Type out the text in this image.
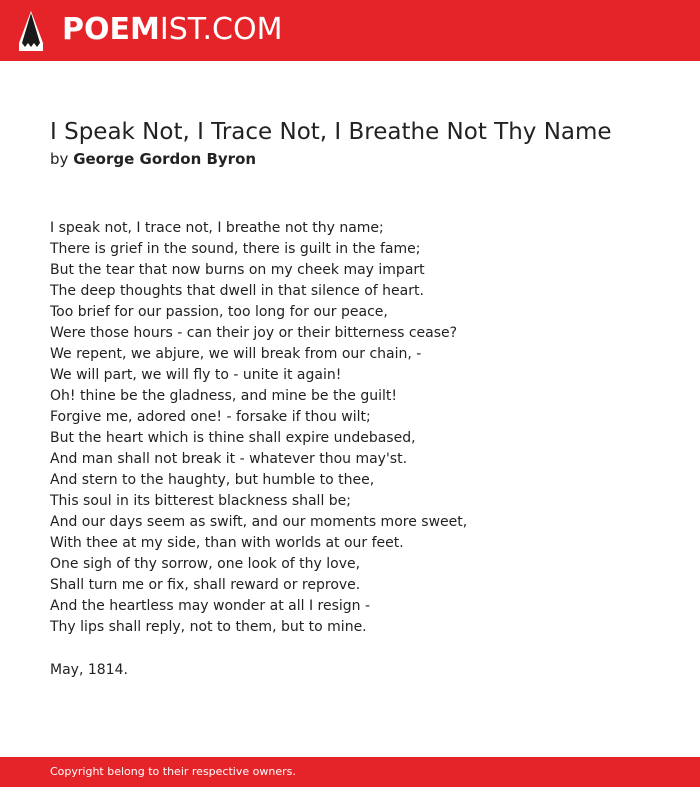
POEMIST.COM
I Speak Not, I Trace Not, I Breathe Not Thy Name
by George Gordon Byron
I speak not, I trace not, I breathe not thy name;
There is grief in the sound, there is guilt in the fame;
But the tear that now burns on my cheek may impart
The deep thoughts that dwell in that silence of heart.
Too brief for our passion, too long for our peace,
Were those hours - can their joy or their bitterness cease?
We repent, we abjure, we will break from our chain, -
We will part, we will fly to - unite it again!
Oh! thine be the gladness, and mine be the guilt!
Forgive me, adored one! - forsake if thou wilt;
But the heart which is thine shall expire undebased,
And man shall not break it - whatever thou may'st.
And stern to the haughty, but humble to thee,
This soul in its bitterest blackness shall be;
And our days seem as swift, and our moments more sweet,
With thee at my side, than with worlds at our feet.
One sigh of thy sorrow, one look of thy love,
Shall turn me or fix, shall reward or reprove.
And the heartless may wonder at all I resign -
Thy lips shall reply, not to them, but to mine.
May, 1814.
Copyright belong to their respective owners.
